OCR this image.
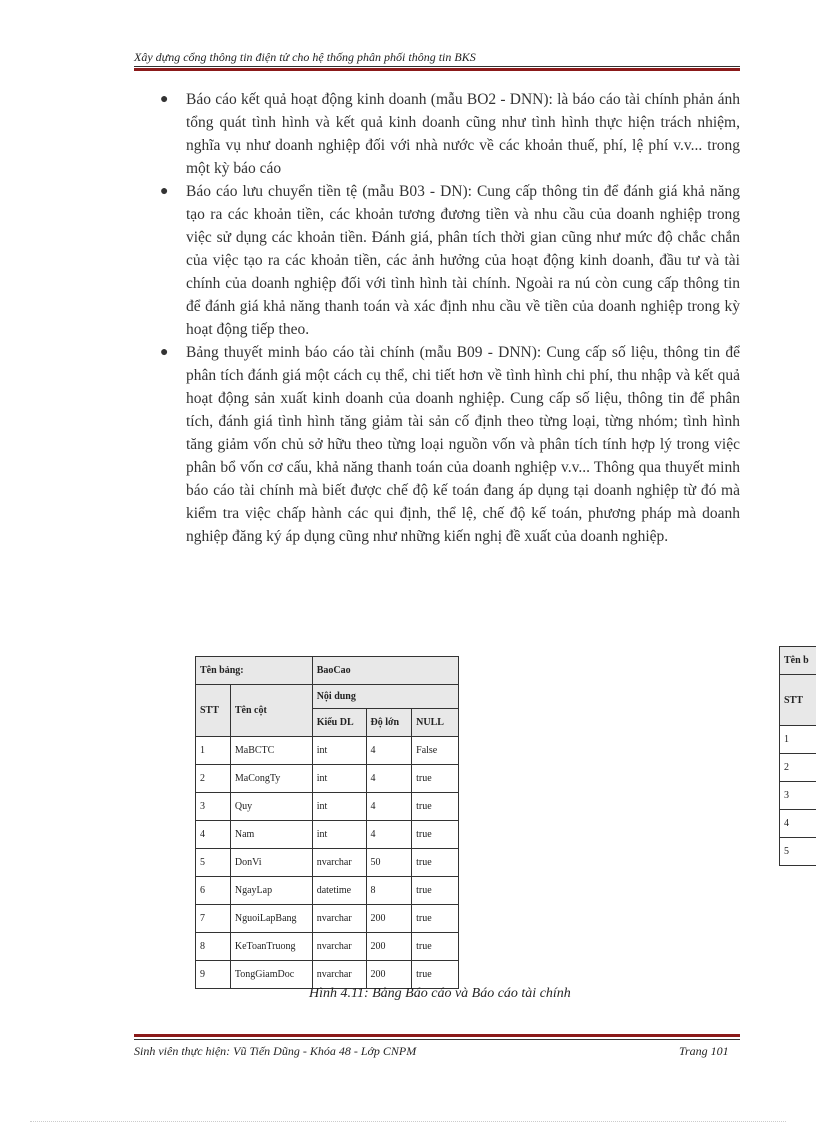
Xây dựng cổng thông tin điện tử cho hệ thống phân phối thông tin BKS
● Báo cáo kết quả hoạt động kinh doanh (mẫu BO2 - DNN): là báo cáo tài chính phản ánh tổng quát tình hình và kết quả kinh doanh cũng như tình hình thực hiện trách nhiệm, nghĩa vụ như doanh nghiệp đối với nhà nước về các khoản thuế, phí, lệ phí v.v... trong một kỳ báo cáo
● Báo cáo lưu chuyển tiền tệ (mẫu B03 - DN): Cung cấp thông tin để đánh giá khả năng tạo ra các khoản tiền, các khoản tương đương tiền và nhu cầu của doanh nghiệp trong việc sử dụng các khoản tiền. Đánh giá, phân tích thời gian cũng như mức độ chắc chắn của việc tạo ra các khoản tiền, các ảnh hưởng của hoạt động kinh doanh, đầu tư và tài chính của doanh nghiệp đối với tình hình tài chính. Ngoài ra nú còn cung cấp thông tin để đánh giá khả năng thanh toán và xác định nhu cầu về tiền của doanh nghiệp trong kỳ hoạt động tiếp theo.
● Bảng thuyết minh báo cáo tài chính (mẫu B09 - DNN): Cung cấp số liệu, thông tin để phân tích đánh giá một cách cụ thể, chi tiết hơn về tình hình chi phí, thu nhập và kết quả hoạt động sản xuất kinh doanh của doanh nghiệp. Cung cấp số liệu, thông tin để phân tích, đánh giá tình hình tăng giảm tài sản cố định theo từng loại, từng nhóm; tình hình tăng giảm vốn chủ sở hữu theo từng loại nguồn vốn và phân tích tính hợp lý trong việc phân bổ vốn cơ cấu, khả năng thanh toán của doanh nghiệp v.v... Thông qua thuyết minh báo cáo tài chính mà biết được chế độ kế toán đang áp dụng tại doanh nghiệp từ đó mà kiểm tra việc chấp hành các qui định, thể lệ, chế độ kế toán, phương pháp mà doanh nghiệp đăng ký áp dụng cũng như những kiến nghị đề xuất của doanh nghiệp.
Tên bảng:		BaoCao		
STT	Tên cột	Nội dung		
		Kiểu DL	Độ lớn	NULL
1	MaBCTC	int	4	False
2	MaCongTy	int	4	true
3	Quy	int	4	true
4	Nam	int	4	true
5	DonVi	nvarchar	50	true
6	NgayLap	datetime	8	true
7	NguoiLapBang	nvarchar	200	true
8	KeToanTruong	nvarchar	200	true
9	TongGiamDoc	nvarchar	200	true
Tên b
STT
1
2
3
4
5
Hình 4.11: Bảng Báo cáo và Báo cáo tài chính
Sinh viên thực hiện: Vũ Tiến Dũng - Khóa 48 - Lớp CNPM	Trang 101
